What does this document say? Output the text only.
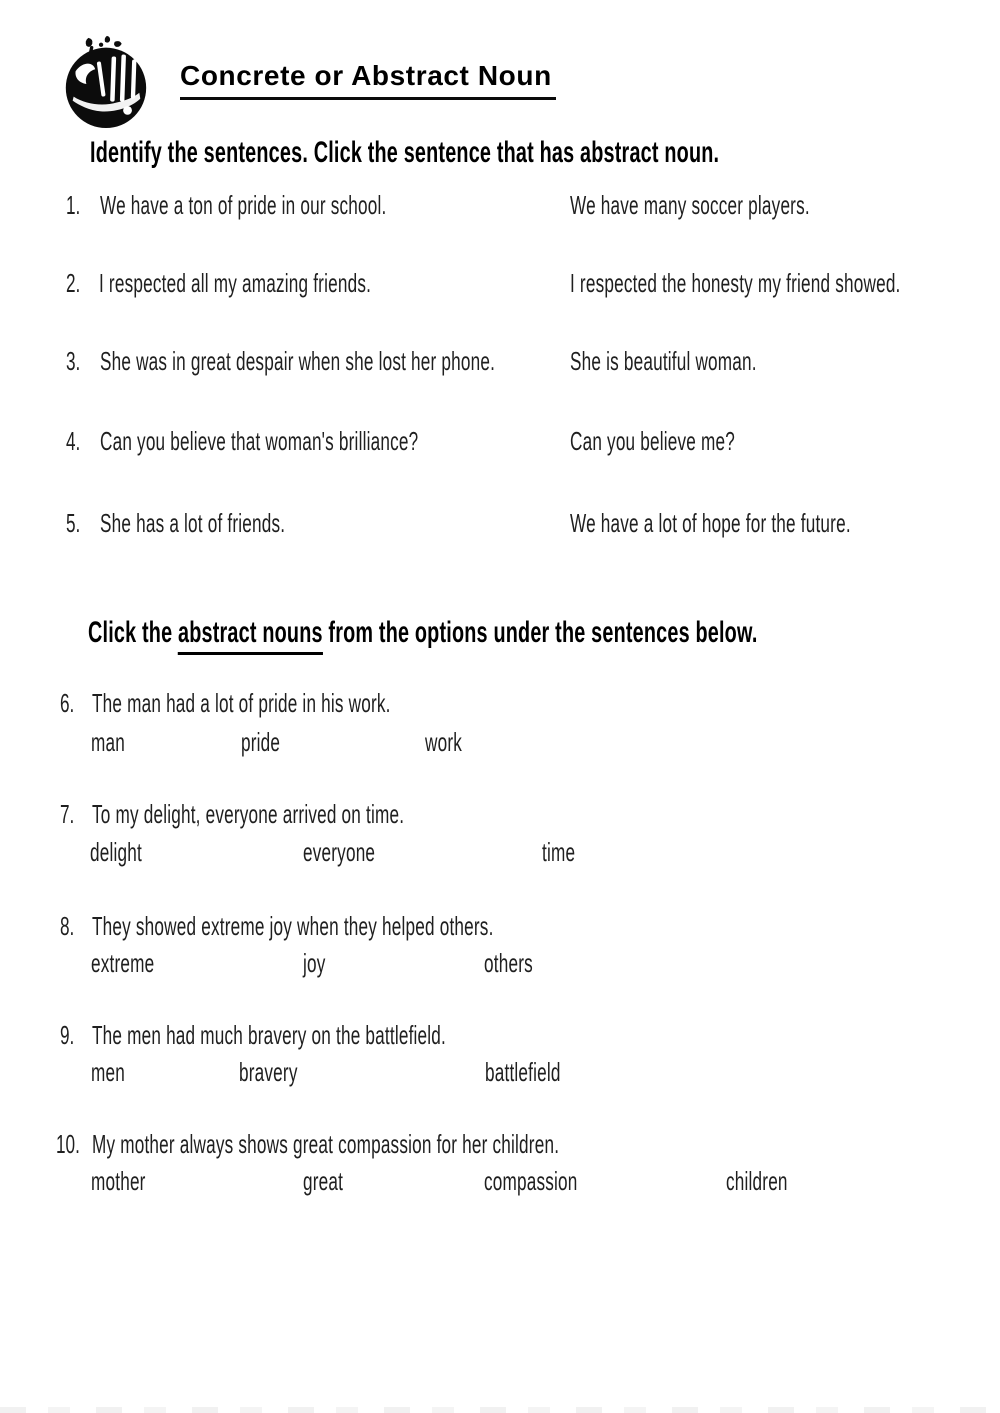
Concrete or Abstract Noun
Identify the sentences. Click the sentence that has abstract noun.
1. We have a ton of pride in our school.	We have many soccer players.
2. I respected all my amazing friends.	I respected the honesty my friend showed.
3. She was in great despair when she lost her phone.	She is beautiful woman.
4. Can you believe that woman's brilliance?	Can you believe me?
5. She has a lot of friends.	We have a lot of hope for the future.
Click the abstract nouns from the options under the sentences below.
6. The man had a lot of pride in his work.
man	pride	work
7. To my delight, everyone arrived on time.
delight	everyone	time
8. They showed extreme joy when they helped others.
extreme	joy	others
9. The men had much bravery on the battlefield.
men	bravery	battlefield
10. My mother always shows great compassion for her children.
mother	great	compassion	children
